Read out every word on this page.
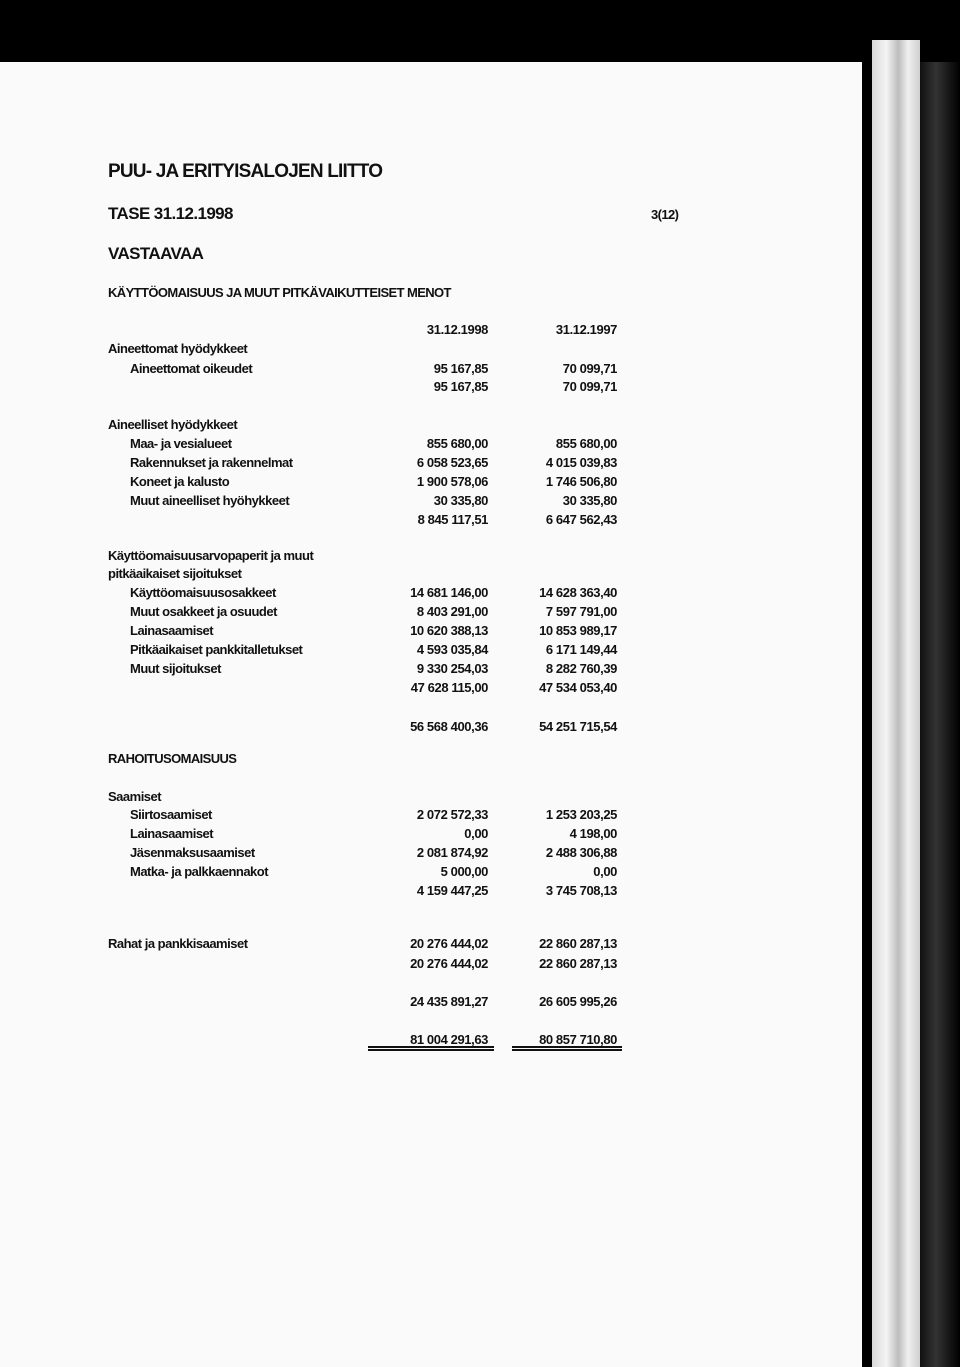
PUU- JA ERITYISALOJEN LIITTO
TASE 31.12.1998	3(12)
VASTAAVAA
KÄYTTÖOMAISUUS JA MUUT PITKÄVAIKUTTEISET MENOT
31.12.1998	31.12.1997
Aineettomat hyödykkeet
Aineettomat oikeudet	95 167,85	70 099,71
95 167,85	70 099,71
Aineelliset hyödykkeet
Maa- ja vesialueet	855 680,00	855 680,00
Rakennukset ja rakennelmat	6 058 523,65	4 015 039,83
Koneet ja kalusto	1 900 578,06	1 746 506,80
Muut aineelliset hyöhykkeet	30 335,80	30 335,80
8 845 117,51	6 647 562,43
Käyttöomaisuusarvopaperit ja muut
pitkäaikaiset sijoitukset
Käyttöomaisuusosakkeet	14 681 146,00	14 628 363,40
Muut osakkeet ja osuudet	8 403 291,00	7 597 791,00
Lainasaamiset	10 620 388,13	10 853 989,17
Pitkäaikaiset pankkitalletukset	4 593 035,84	6 171 149,44
Muut sijoitukset	9 330 254,03	8 282 760,39
47 628 115,00	47 534 053,40
56 568 400,36	54 251 715,54
RAHOITUSOMAISUUS
Saamiset
Siirtosaamiset	2 072 572,33	1 253 203,25
Lainasaamiset	0,00	4 198,00
Jäsenmaksusaamiset	2 081 874,92	2 488 306,88
Matka- ja palkkaennakot	5 000,00	0,00
4 159 447,25	3 745 708,13
Rahat ja pankkisaamiset	20 276 444,02	22 860 287,13
20 276 444,02	22 860 287,13
24 435 891,27	26 605 995,26
81 004 291,63	80 857 710,80
